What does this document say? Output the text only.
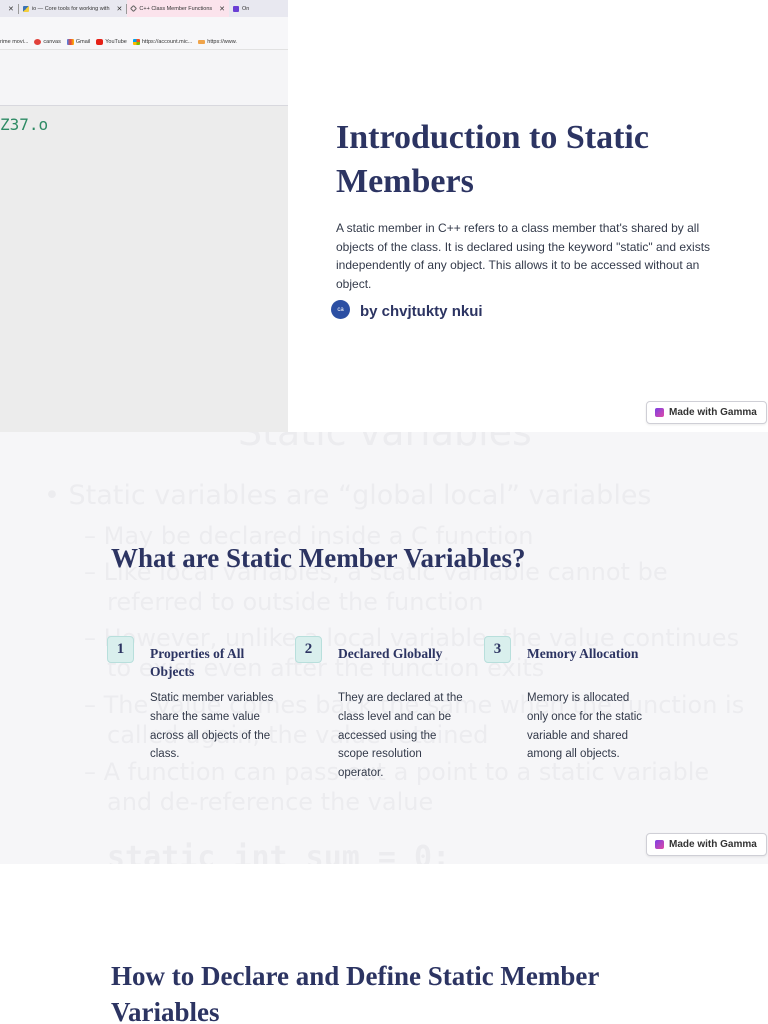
✕	io — Core tools for working with ✕	C++ Class Member Functions ✕	On
rime movi...	canvas	Gmail	YouTube	https://account.mic...	https://www.
Z37.o	Introduction to Static Members

A static member in C++ refers to a class member that's shared by all objects of the class. It is declared using the keyword "static" and exists independently of any object. This allows it to be accessed without an object.

ca	by chvjtukty nkui
Made with Gamma
What are Static Member Variables?
1	Properties of All Objects
Static member variables share the same value across all objects of the class.
2	Declared Globally
They are declared at the class level and can be accessed using the scope resolution operator.
3	Memory Allocation
Memory is allocated only once for the static variable and shared among all objects.
Made with Gamma
How to Declare and Define Static Member Variables
